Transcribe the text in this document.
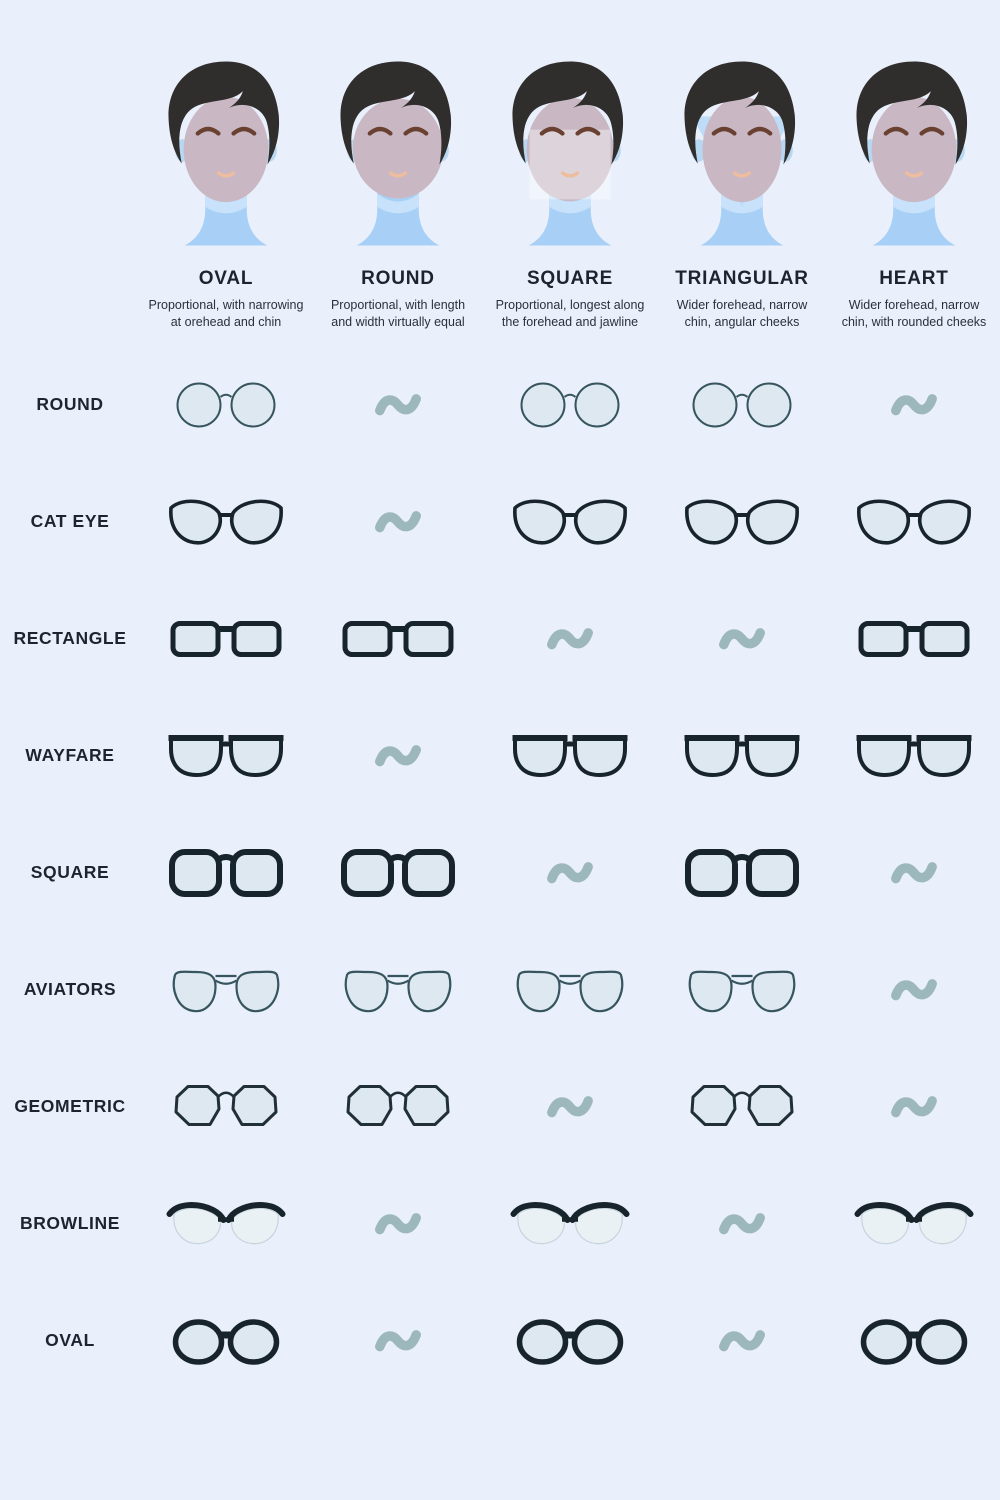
OVAL
Proportional, with narrowing at orehead and chin
ROUND
Proportional, with length and width virtually equal
SQUARE
Proportional, longest along the forehead and jawline
TRIANGULAR
Wider forehead, narrow chin, angular cheeks
HEART
Wider forehead, narrow chin, with rounded cheeks
ROUND
CAT EYE
RECTANGLE
WAYFARE
SQUARE
AVIATORS
GEOMETRIC
BROWLINE
OVAL
